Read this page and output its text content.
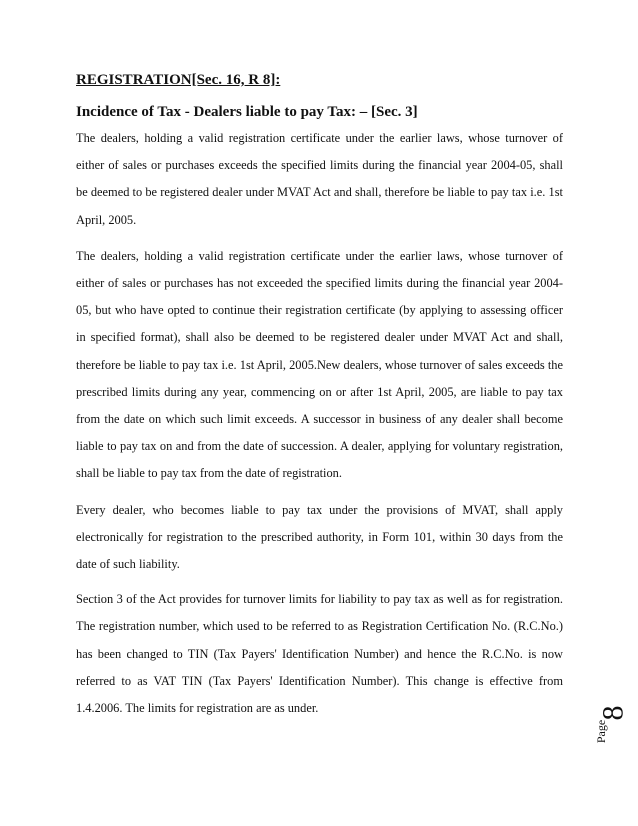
REGISTRATION[Sec. 16, R 8]:

Incidence of Tax - Dealers liable to pay Tax: – [Sec. 3]

The dealers, holding a valid registration certificate under the earlier laws, whose turnover of either of sales or purchases exceeds the specified limits during the financial year 2004-05, shall be deemed to be registered dealer under MVAT Act and shall, therefore be liable to pay tax i.e. 1st April, 2005.

The dealers, holding a valid registration certificate under the earlier laws, whose turnover of either of sales or purchases has not exceeded the specified limits during the financial year 2004-05, but who have opted to continue their registration certificate (by applying to assessing officer in specified format), shall also be deemed to be registered dealer under MVAT Act and shall, therefore be liable to pay tax i.e. 1st April, 2005.New dealers, whose turnover of sales exceeds the prescribed limits during any year, commencing on or after 1st April, 2005, are liable to pay tax from the date on which such limit exceeds. A successor in business of any dealer shall become liable to pay tax on and from the date of succession. A dealer, applying for voluntary registration, shall be liable to pay tax from the date of registration.

Every dealer, who becomes liable to pay tax under the provisions of MVAT, shall apply electronically for registration to the prescribed authority, in Form 101, within 30 days from the date of such liability.

Section 3 of the Act provides for turnover limits for liability to pay tax as well as for registration. The registration number, which used to be referred to as Registration Certification No. (R.C.No.) has been changed to TIN (Tax Payers' Identification Number) and hence the R.C.No. is now referred to as VAT TIN (Tax Payers' Identification Number). This change is effective from 1.4.2006. The limits for registration are as under.

Page
8
